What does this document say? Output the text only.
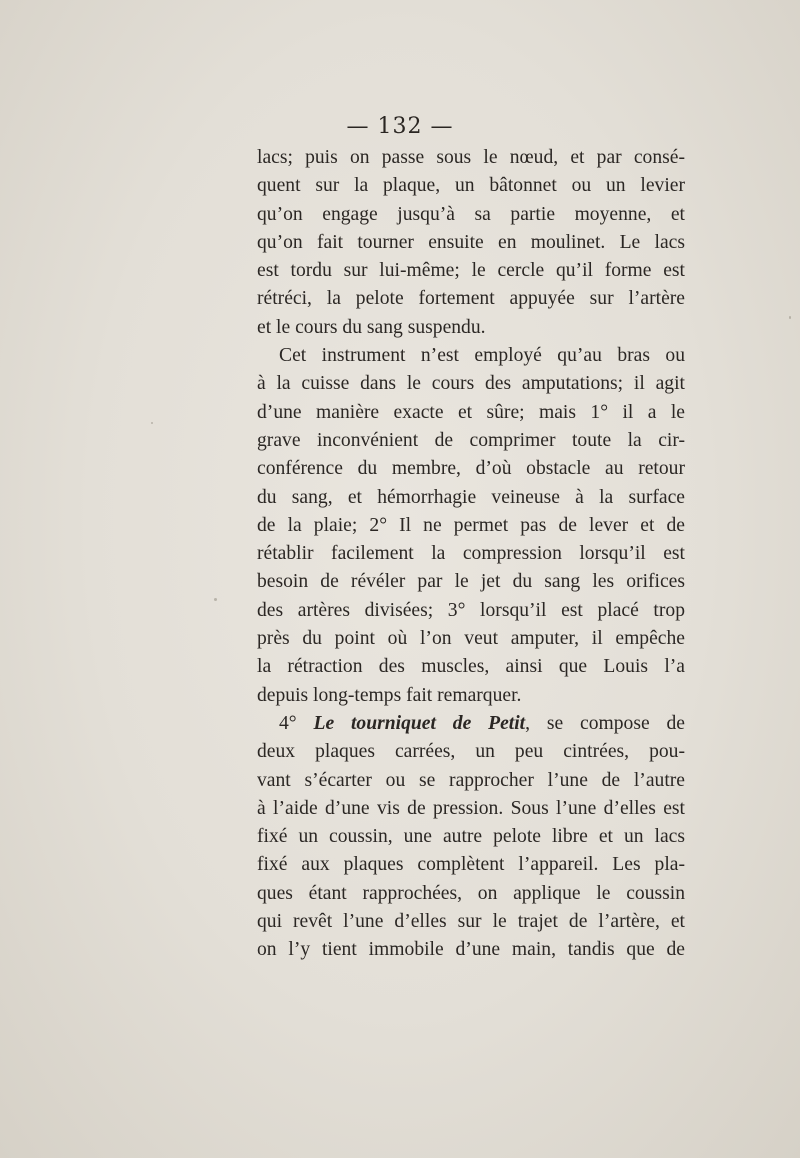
— 132 —
lacs; puis on passe sous le nœud, et par consé-
quent sur la plaque, un bâtonnet ou un levier
qu’on engage jusqu’à sa partie moyenne, et
qu’on fait tourner ensuite en moulinet. Le lacs
est tordu sur lui-même; le cercle qu’il forme est
rétréci, la pelote fortement appuyée sur l’artère
et le cours du sang suspendu.
Cet instrument n’est employé qu’au bras ou
à la cuisse dans le cours des amputations; il agit
d’une manière exacte et sûre; mais 1° il a le
grave inconvénient de comprimer toute la cir-
conférence du membre, d’où obstacle au retour
du sang, et hémorrhagie veineuse à la surface
de la plaie; 2° Il ne permet pas de lever et de
rétablir facilement la compression lorsqu’il est
besoin de révéler par le jet du sang les orifices
des artères divisées; 3° lorsqu’il est placé trop
près du point où l’on veut amputer, il empêche
la rétraction des muscles, ainsi que Louis l’a
depuis long-temps fait remarquer.
4° Le tourniquet de Petit, se compose de
deux plaques carrées, un peu cintrées, pou-
vant s’écarter ou se rapprocher l’une de l’autre
à l’aide d’une vis de pression. Sous l’une d’elles est
fixé un coussin, une autre pelote libre et un lacs
fixé aux plaques complètent l’appareil. Les pla-
ques étant rapprochées, on applique le coussin
qui revêt l’une d’elles sur le trajet de l’artère, et
on l’y tient immobile d’une main, tandis que de
